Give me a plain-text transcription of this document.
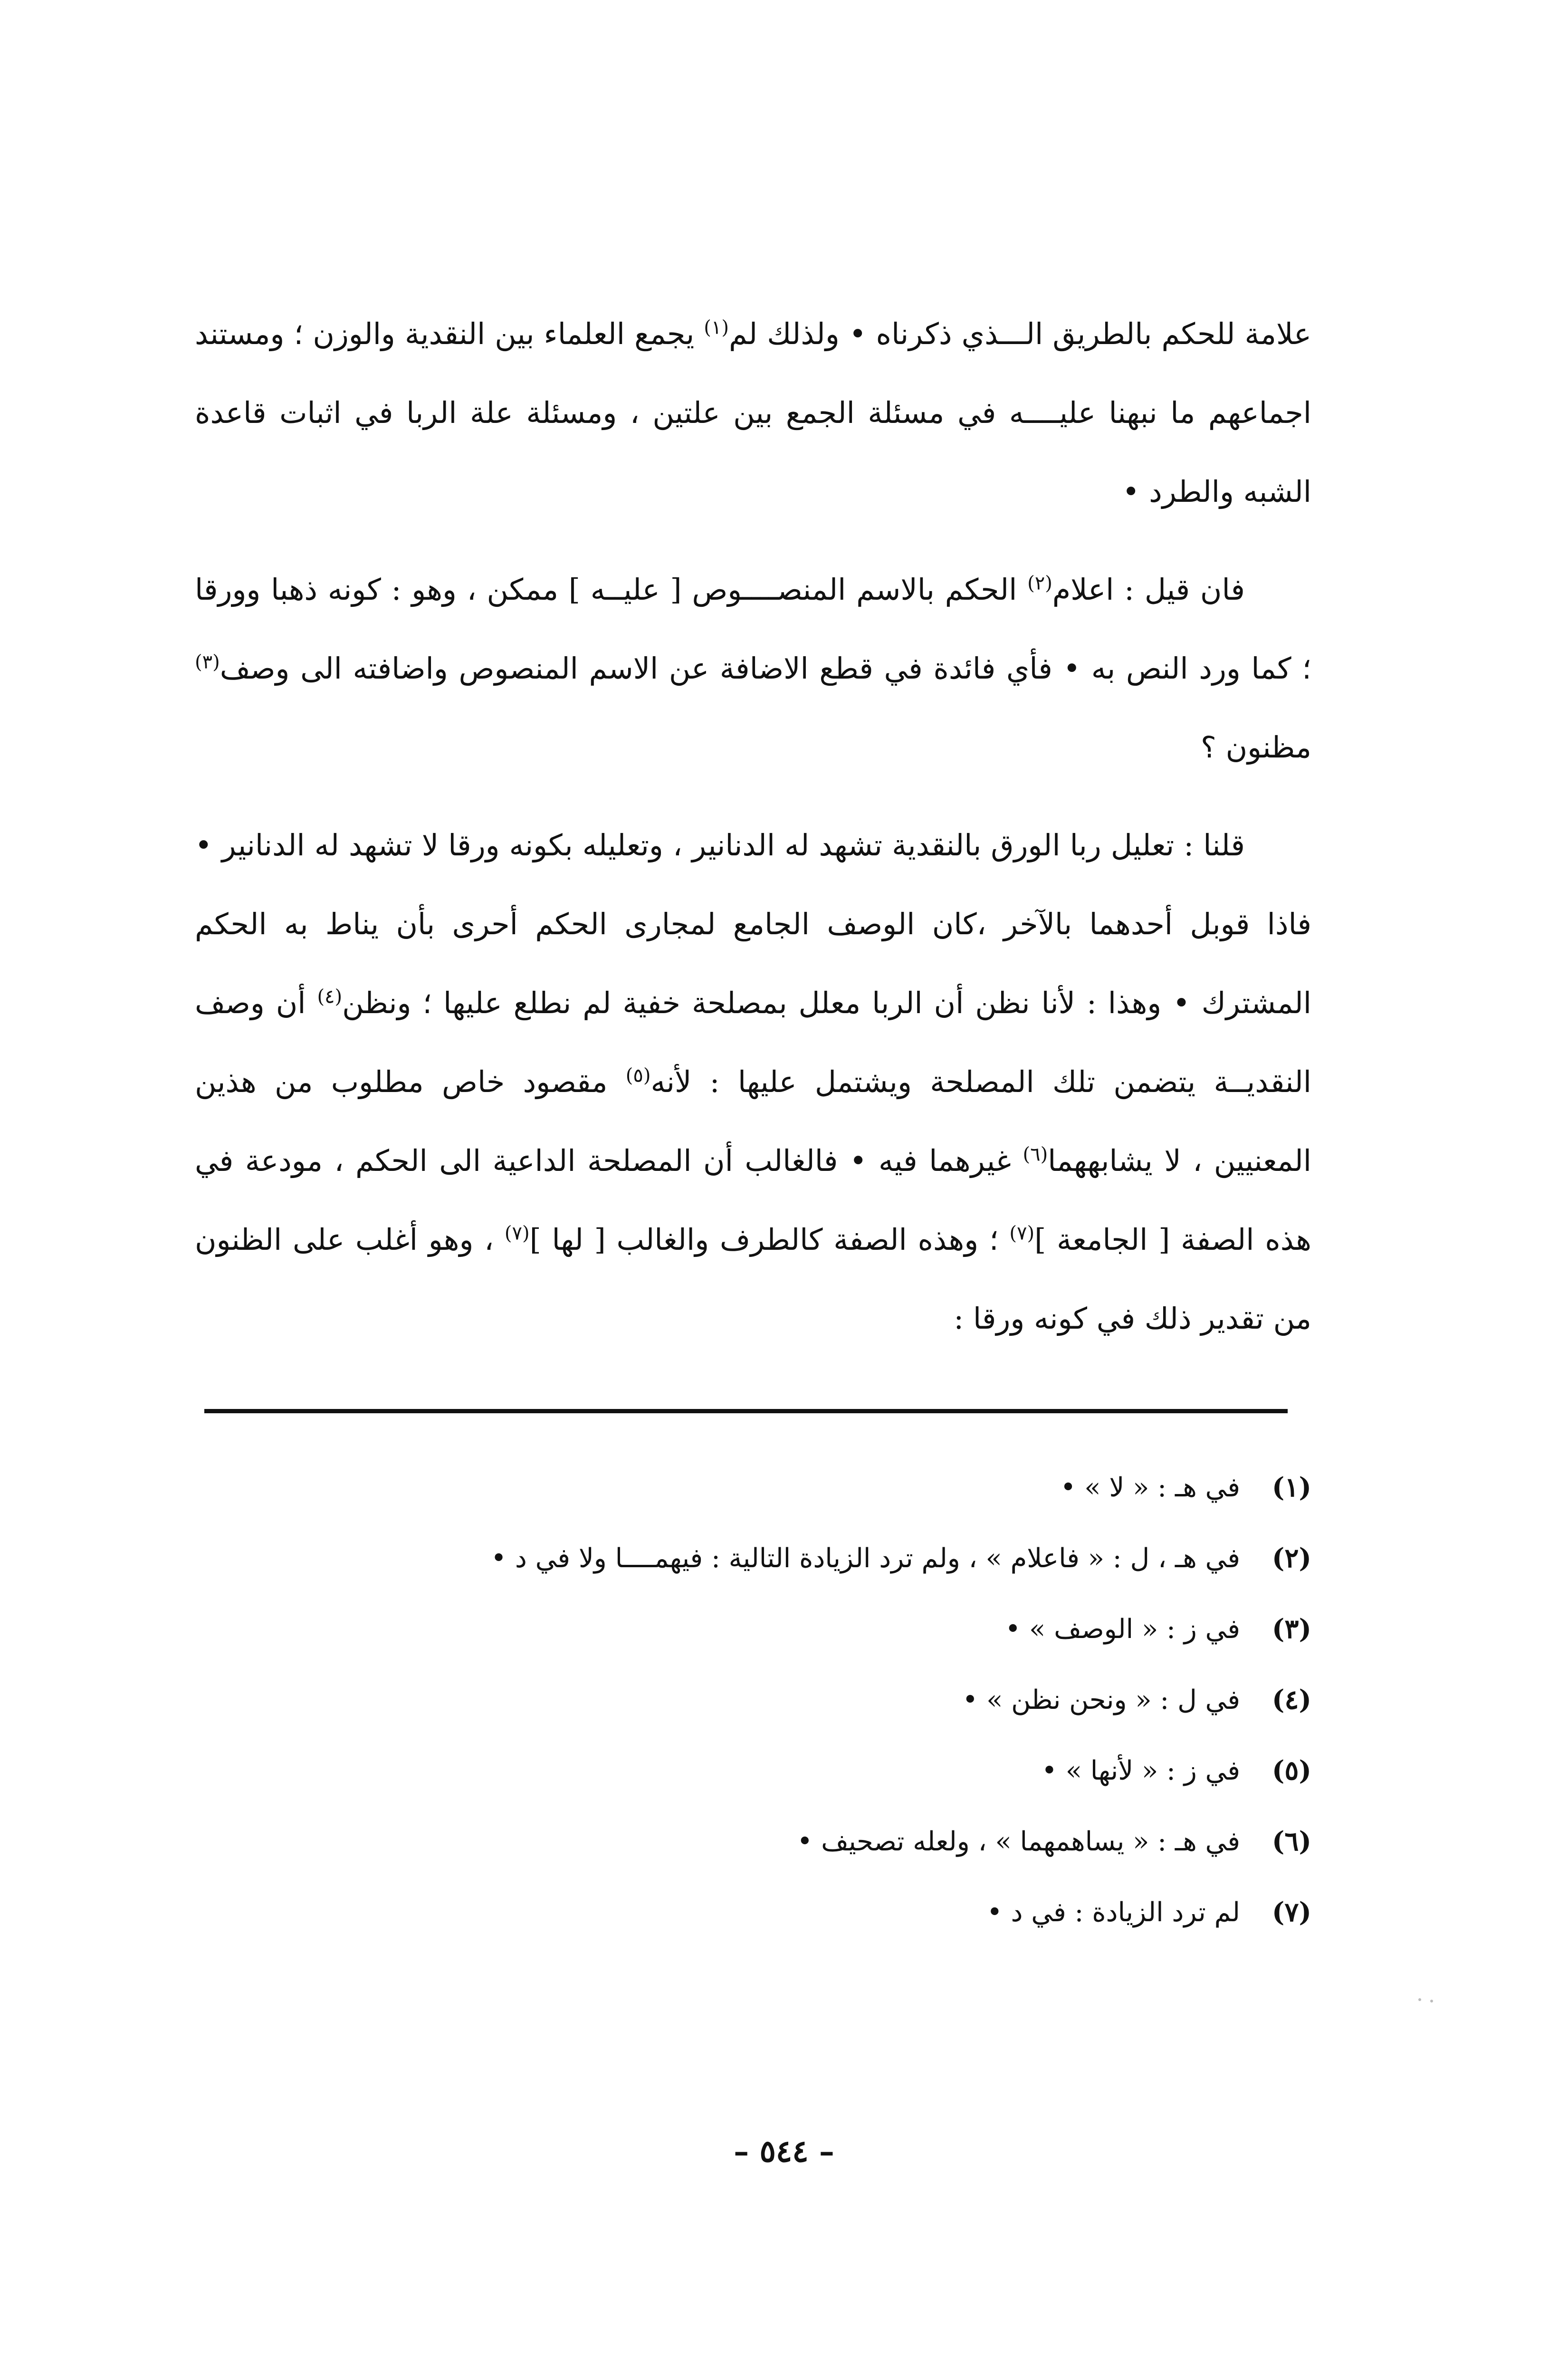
علامة للحكم بالطريق الـــذي ذكرناه • ولذلك لم$^{(١)}$ يجمع العلماء بين النقدية والوزن ؛ ومستند اجماعهم ما نبهنا عليــــه في مسئلة الجمع بين علتين ، ومسئلة علة الربا في اثبات قاعدة الشبه والطرد •

فان قيل : اعلام$^{(٢)}$ الحكم بالاسم المنصــــوص [ عليــه ] ممكن ، وهو : كونه ذهبا وورقا ؛ كما ورد النص به • فأي فائدة في قطع الاضافة عن الاسم المنصوص واضافته الى وصف$^{(٣)}$ مظنون ؟

قلنا : تعليل ربا الورق بالنقدية تشهد له الدنانير ، وتعليله بكونه ورقا لا تشهد له الدنانير • فاذا قوبل أحدهما بالآخر ،كان الوصف الجامع لمجارى الحكم أحرى بأن يناط به الحكم المشترك • وهذا : لأنا نظن أن الربا معلل بمصلحة خفية لم نطلع عليها ؛ ونظن$^{(٤)}$ أن وصف النقديــة يتضمن تلك المصلحة ويشتمل عليها : لأنه$^{(٥)}$ مقصود خاص مطلوب من هذين المعنيين ، لا يشابههما$^{(٦)}$ غيرهما فيه • فالغالب أن المصلحة الداعية الى الحكم ، مودعة في هذه الصفة [ الجامعة ]$^{(٧)}$ ؛ وهذه الصفة كالطرف والغالب [ لها ]$^{(٧)}$ ، وهو أغلب على الظنون من تقدير ذلك في كونه ورقا :

(١)في هـ : « لا » •

(٢)في هـ ، ل : « فاعلام » ، ولم ترد الزيادة التالية : فيهمــــا ولا في د •

(٣)في ز : « الوصف » •

(٤)في ل : « ونحن نظن » •

(٥)في ز : « لأنها » •

(٦)في هـ : « يساهمهما » ، ولعله تصحيف •

(٧)لم ترد الزيادة : في د •

– ٥٤٤ –
